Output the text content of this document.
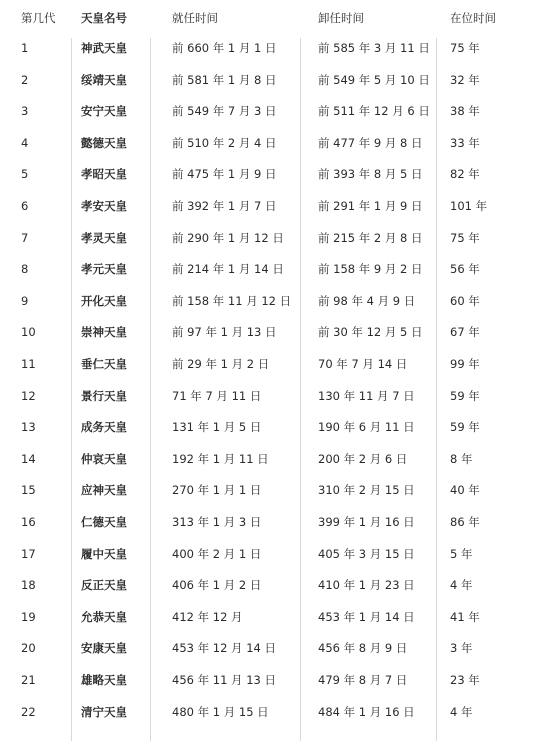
第几代 天皇名号	就任时间	卸任时间	在位时间
1	神武天皇	前 660 年 1 月 1 日	前 585 年 3 月 11 日 75 年
2	绥靖天皇	前 581 年 1 月 8 日	前 549 年 5 月 10 日 32 年
3	安宁天皇	前 549 年 7 月 3 日	前 511 年 12 月 6 日 38 年
4	懿德天皇	前 510 年 2 月 4 日	前 477 年 9 月 8 日 33 年
5	孝昭天皇	前 475 年 1 月 9 日	前 393 年 8 月 5 日 82 年
6	孝安天皇	前 392 年 1 月 7 日	前 291 年 1 月 9 日 101 年
7	孝灵天皇	前 290 年 1 月 12 日	前 215 年 2 月 8 日 75 年
8	孝元天皇	前 214 年 1 月 14 日	前 158 年 9 月 2 日 56 年
9	开化天皇	前 158 年 11 月 12 日 前 98 年 4 月 9 日	60 年
10	崇神天皇	前 97 年 1 月 13 日	前 30 年 12 月 5 日 67 年
11	垂仁天皇	前 29 年 1 月 2 日	70 年 7 月 14 日	99 年
12	景行天皇	71 年 7 月 11 日	130 年 11 月 7 日	59 年
13	成务天皇	131 年 1 月 5 日	190 年 6 月 11 日	59 年
14	仲哀天皇	192 年 1 月 11 日	200 年 2 月 6 日	8 年
15	应神天皇	270 年 1 月 1 日	310 年 2 月 15 日	40 年
16	仁德天皇	313 年 1 月 3 日	399 年 1 月 16 日	86 年
17	履中天皇	400 年 2 月 1 日	405 年 3 月 15 日	5 年
18	反正天皇	406 年 1 月 2 日	410 年 1 月 23 日	4 年
19	允恭天皇	412 年 12 月	453 年 1 月 14 日	41 年
20	安康天皇	453 年 12 月 14 日	456 年 8 月 9 日	3 年
21	雄略天皇	456 年 11 月 13 日	479 年 8 月 7 日	23 年
22	清宁天皇	480 年 1 月 15 日	484 年 1 月 16 日	4 年
